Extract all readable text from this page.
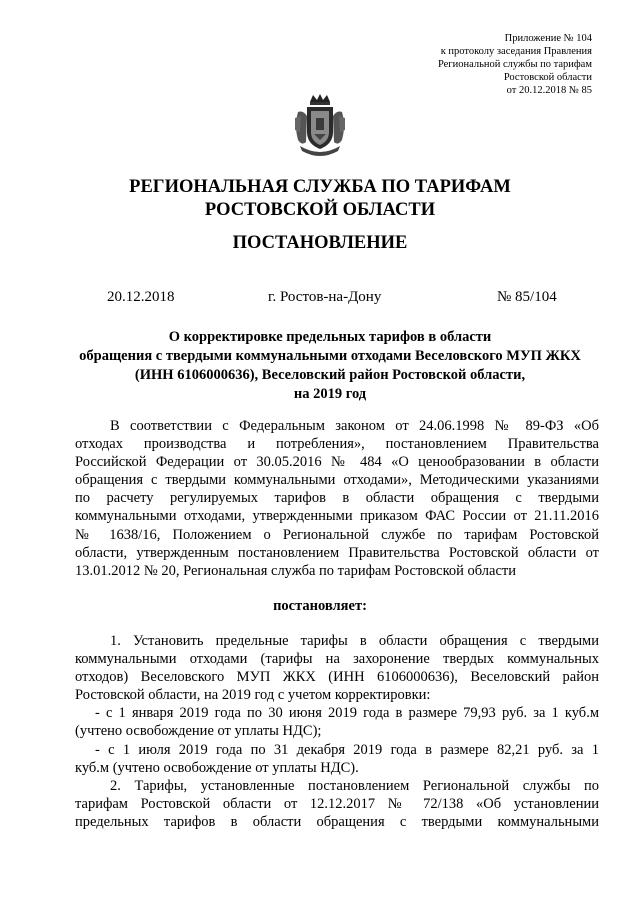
Приложение № 104
к протоколу заседания Правления
Региональной службы по тарифам
Ростовской области
от 20.12.2018 № 85
РЕГИОНАЛЬНАЯ СЛУЖБА ПО ТАРИФАМ
РОСТОВСКОЙ ОБЛАСТИ
ПОСТАНОВЛЕНИЕ
20.12.2018	г. Ростов-на-Дону	№ 85/104
О корректировке предельных тарифов в области
обращения с твердыми коммунальными отходами Веселовского МУП ЖКХ
(ИНН 6106000636), Веселовский район Ростовской области,
на 2019 год
В соответствии с Федеральным законом от 24.06.1998 № 89-ФЗ «Об
отходах производства и потребления», постановлением Правительства
Российской Федерации от 30.05.2016 № 484 «О ценообразовании в области
обращения с твердыми коммунальными отходами», Методическими указаниями
по расчету регулируемых тарифов в области обращения с твердыми
коммунальными отходами, утвержденными приказом ФАС России от 21.11.2016
№ 1638/16, Положением о Региональной службе по тарифам Ростовской
области, утвержденным постановлением Правительства Ростовской области от
13.01.2012 № 20, Региональная служба по тарифам Ростовской области
постановляет:
1. Установить предельные тарифы в области обращения с твердыми
коммунальными отходами (тарифы на захоронение твердых коммунальных
отходов) Веселовского МУП ЖКХ (ИНН 6106000636), Веселовский район
Ростовской области, на 2019 год с учетом корректировки:
- с 1 января 2019 года по 30 июня 2019 года в размере 79,93 руб. за 1 куб.м
(учтено освобождение от уплаты НДС);
- с 1 июля 2019 года по 31 декабря 2019 года в размере 82,21 руб. за 1
куб.м (учтено освобождение от уплаты НДС).
2. Тарифы, установленные постановлением Региональной службы по
тарифам Ростовской области от 12.12.2017 № 72/138 «Об установлении
предельных тарифов в области обращения с твердыми коммунальными
